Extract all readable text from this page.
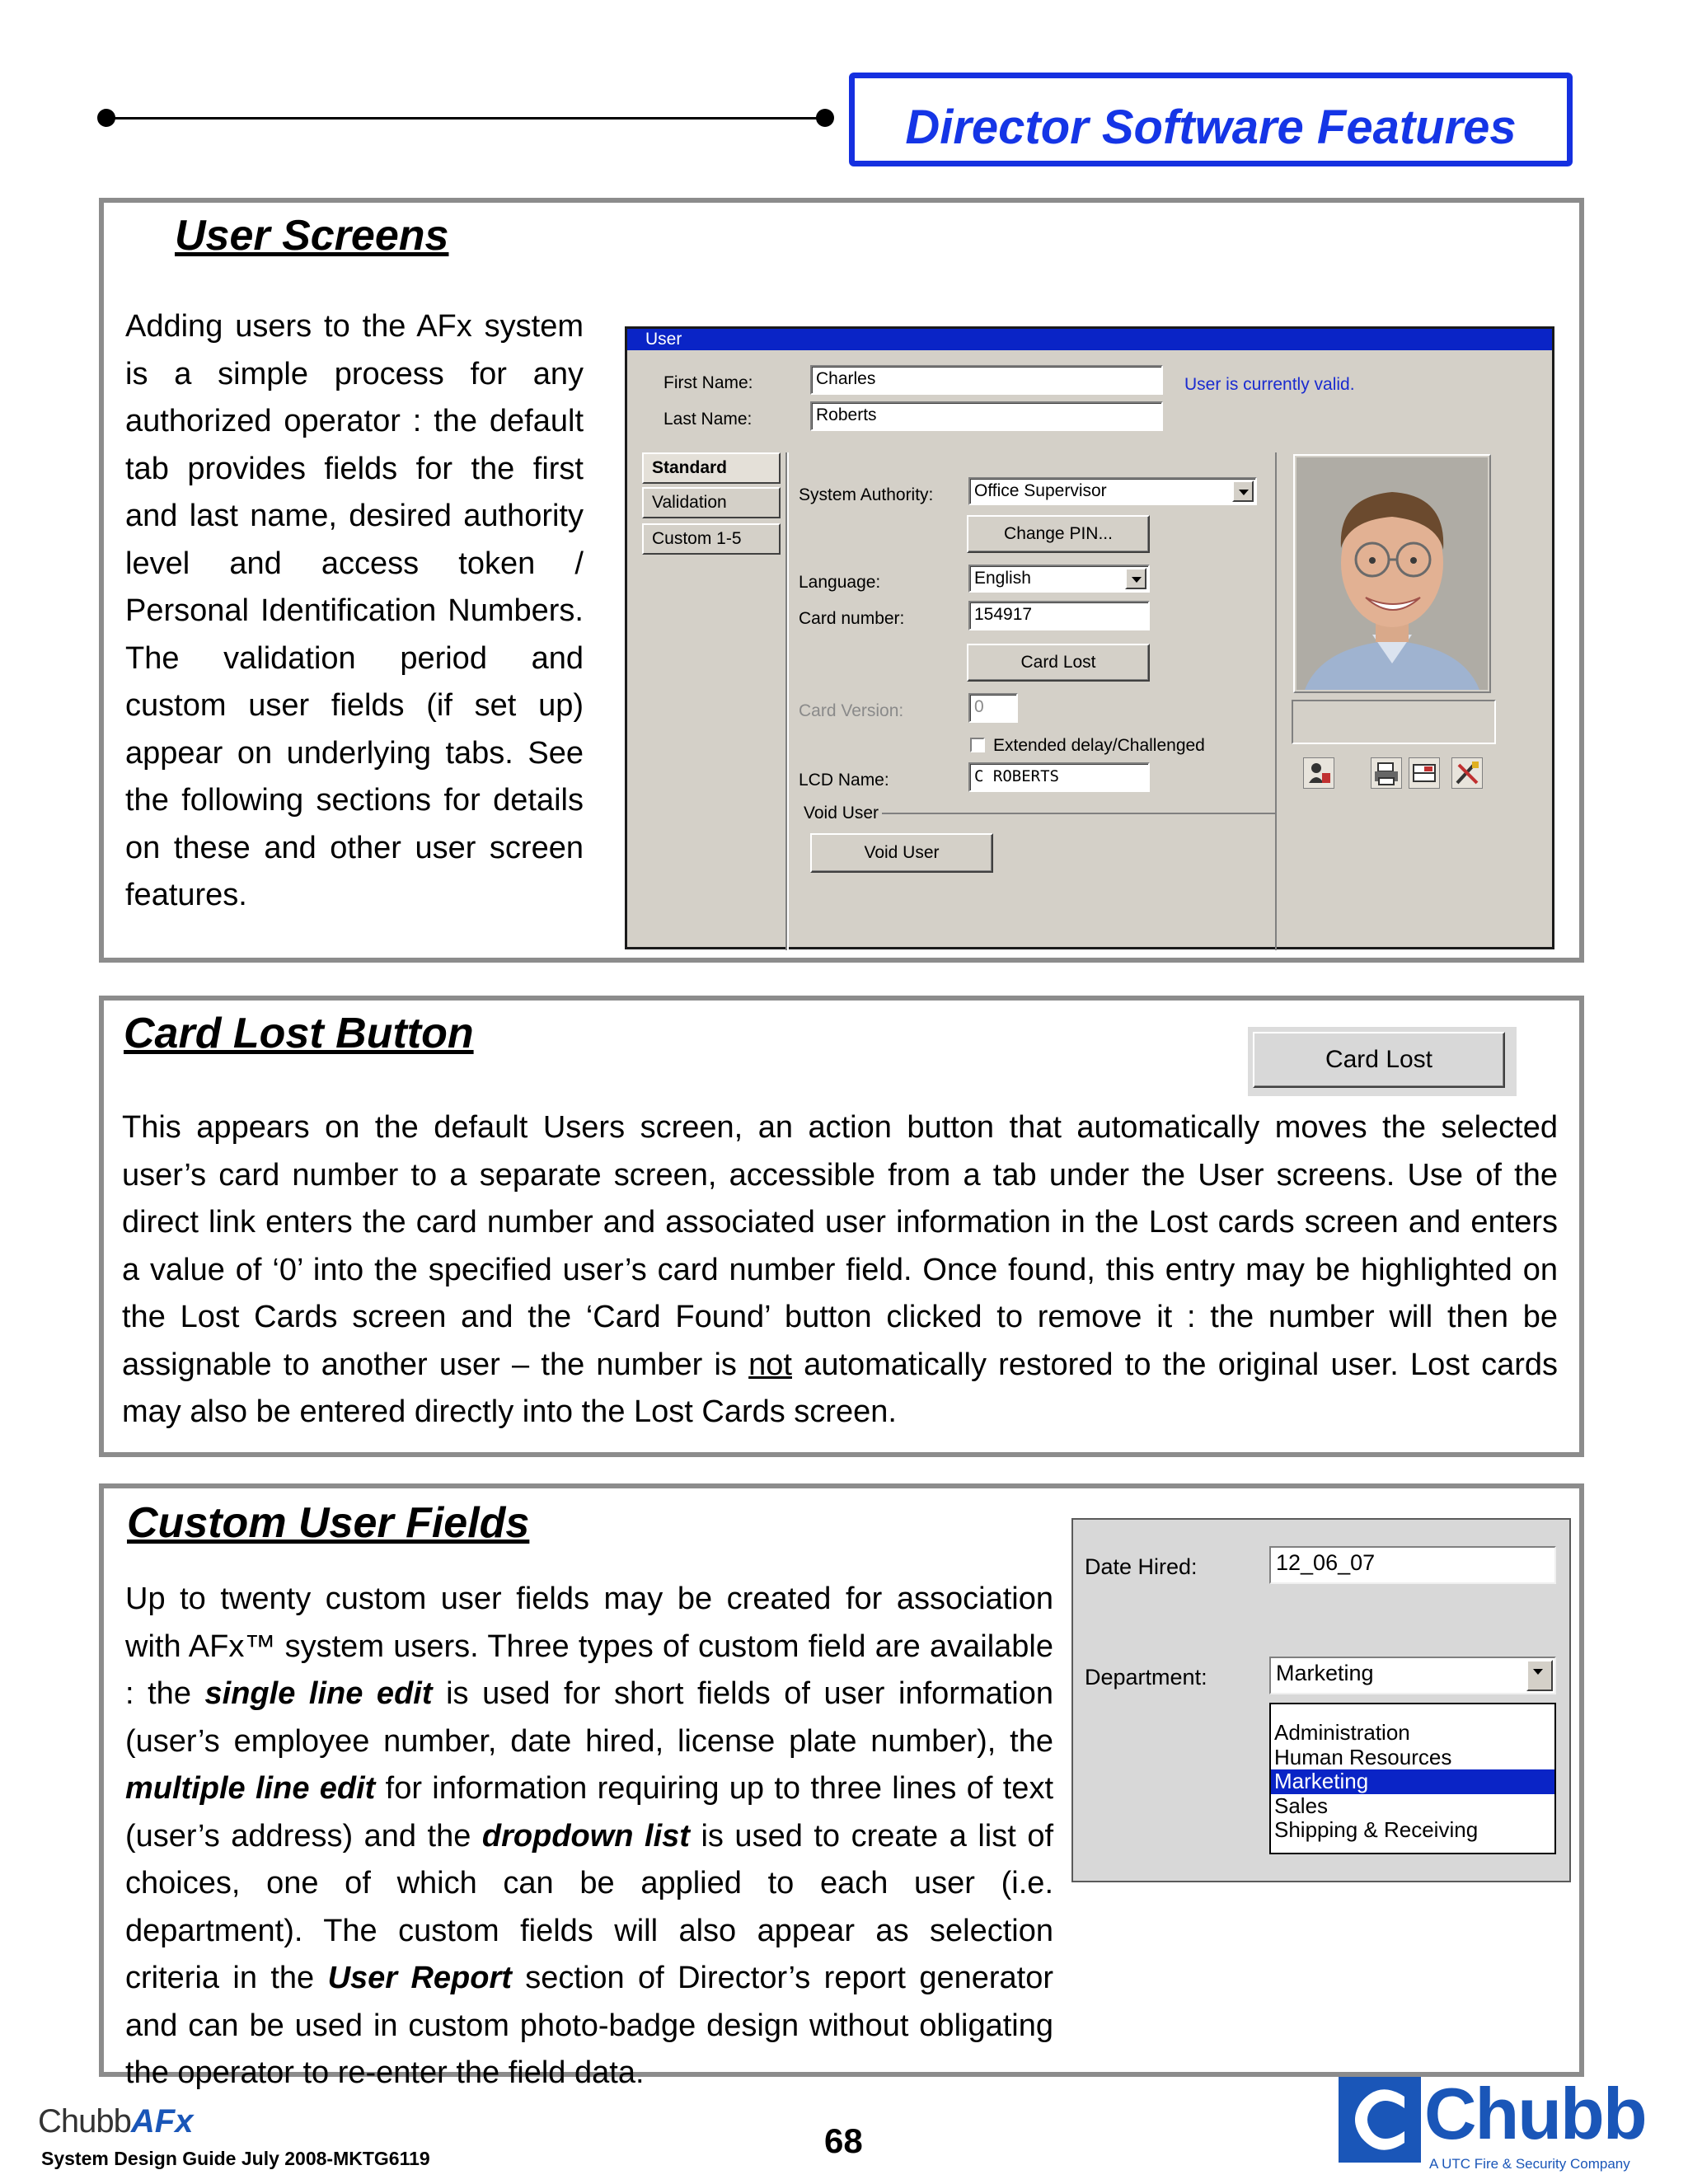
Director Software Features
User Screens
Adding users to the AFx system is a simple process for any authorized operator : the default tab provides fields for the first and last name, desired authority level and access token / Personal Identification Numbers. The validation period and custom user fields (if set up) appear on underlying tabs. See the following sections for details on these and other user screen features.
User
First Name:	Charles
Last Name:	Roberts
User is currently valid.
Standard
Validation
Custom 1-5
System Authority:	Office Supervisor
Change PIN...
Language:	English
Card number:	154917
Card Lost
Card Version:	0
Extended delay/Challenged
LCD Name:	C ROBERTS
Void User
Void User
Card Lost Button
Card Lost
This appears on the default Users screen, an action button that automatically moves the selected user’s card number to a separate screen, accessible from a tab under the User screens. Use of the direct link enters the card number and associated user information in the Lost cards screen and enters a value of ‘0’ into the specified user’s card number field. Once found, this entry may be highlighted on the Lost Cards screen and the ‘Card Found’ button clicked to remove it : the number will then be assignable to another user – the number is not automatically restored to the original user. Lost cards may also be entered directly into the Lost Cards screen.
Custom User Fields
Date Hired:	12_06_07
Department:	Marketing
Administration
Human Resources
Marketing
Sales
Shipping & Receiving
Up to twenty custom user fields may be created for association with AFx™ system users. Three types of custom field are available : the single line edit is used for short fields of user information (user’s employee number, date hired, license plate number), the multiple line edit for information requiring up to three lines of text (user’s address) and the dropdown list is used to create a list of choices, one of which can be applied to each user (i.e. department). The custom fields will also appear as selection criteria in the User Report section of Director’s report generator and can be used in custom photo-badge design without obligating the operator to re-enter the field data.
ChubbAFx
System Design Guide July 2008-MKTG6119	68	Chubb
A UTC Fire & Security Company
